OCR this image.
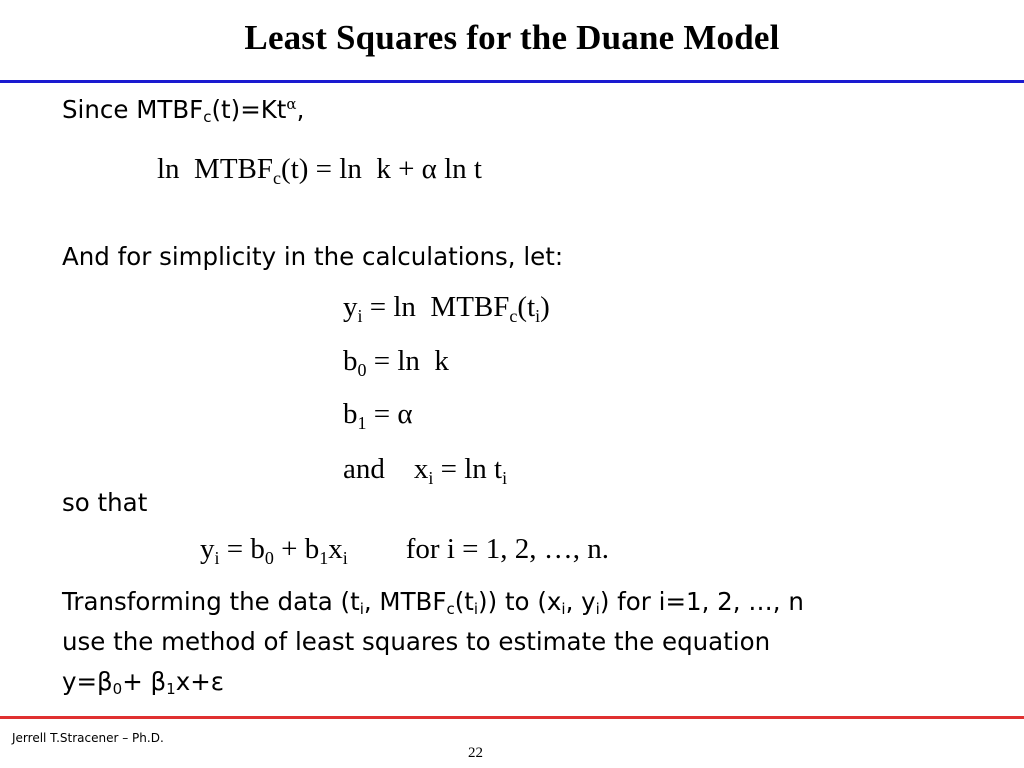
Least Squares for the Duane Model
Since $MTBF_c(t)=Kt^\alpha$,
$\ln MTBF_c(t) = \ln k + \alpha$ ln t
And for simplicity in the calculations, let:
$y_i = \ln$  $MTBF_c(t_i)$
$b_0 = \ln k$
$b_1 = \alpha$
and    $x_i = \ln t_i$
so that
$y_i = b_0 + b_1x_i$        for i = 1, 2, …, n.
Transforming the data ($t_i$, $MTBF_c(t_i)$) to ($x_i$, $y_i$) for i=1, 2, …, n
use the method of least squares to estimate the equation
$y=\beta_0+ \beta_1x+\varepsilon$
Jerrell T.Stracener – Ph.D.
22
